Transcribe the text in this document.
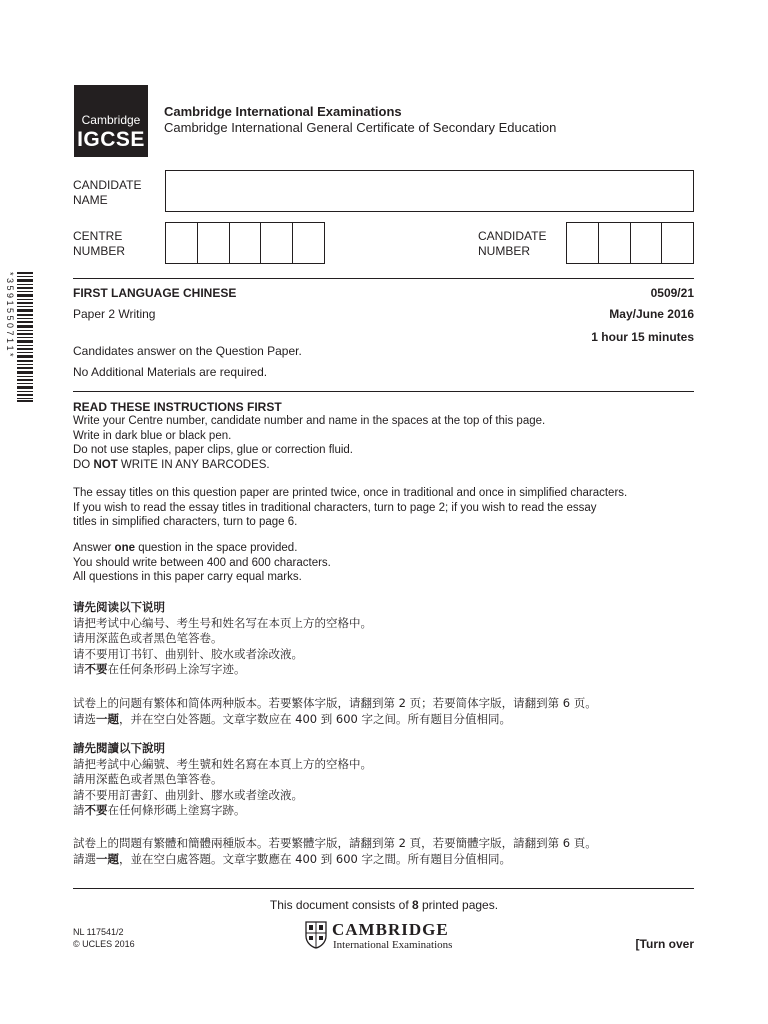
Cambridge
IGCSE
Cambridge International Examinations
Cambridge International General Certificate of Secondary Education
CANDIDATE
NAME
CENTRE
NUMBER
CANDIDATE
NUMBER
* 3 5 9 1 5 5 0 7 1 1 *	FIRST LANGUAGE CHINESE	0509/21
Paper 2 Writing	May/June 2016
1 hour 15 minutes
Candidates answer on the Question Paper.
No Additional Materials are required.
READ THESE INSTRUCTIONS FIRST
Write your Centre number, candidate number and name in the spaces at the top of this page.
Write in dark blue or black pen.
Do not use staples, paper clips, glue or correction fluid.
DO NOT WRITE IN ANY BARCODES.
The essay titles on this question paper are printed twice, once in traditional and once in simplified characters.
If you wish to read the essay titles in traditional characters, turn to page 2; if you wish to read the essay
titles in simplified characters, turn to page 6.
Answer one question in the space provided.
You should write between 400 and 600 characters.
All questions in this paper carry equal marks.
请先阅读以下说明
请把考试中心编号、考生号和姓名写在本页上方的空格中。
请用深蓝色或者黑色笔答卷。
请不要用订书钉、曲别针、胶水或者涂改液。
请不要在任何条形码上涂写字迹。
试卷上的问题有繁体和简体两种版本。若要繁体字版，请翻到第 2 页；若要简体字版，请翻到第 6 页。
请选一题，并在空白处答题。文章字数应在 400 到 600 字之间。所有题目分值相同。
請先閱讀以下說明
請把考試中心編號、考生號和姓名寫在本頁上方的空格中。
請用深藍色或者黑色筆答卷。
請不要用訂書釘、曲別針、膠水或者塗改液。
請不要在任何條形碼上塗寫字跡。
試卷上的問題有繁體和簡體兩種版本。若要繁體字版，請翻到第 2 頁，若要簡體字版，請翻到第 6 頁。
請選一題，並在空白處答題。文章字數應在 400 到 600 字之間。所有題目分值相同。
This document consists of 8 printed pages.
NL 117541/2
© UCLES 2016
CAMBRIDGE
International Examinations	[Turn over
